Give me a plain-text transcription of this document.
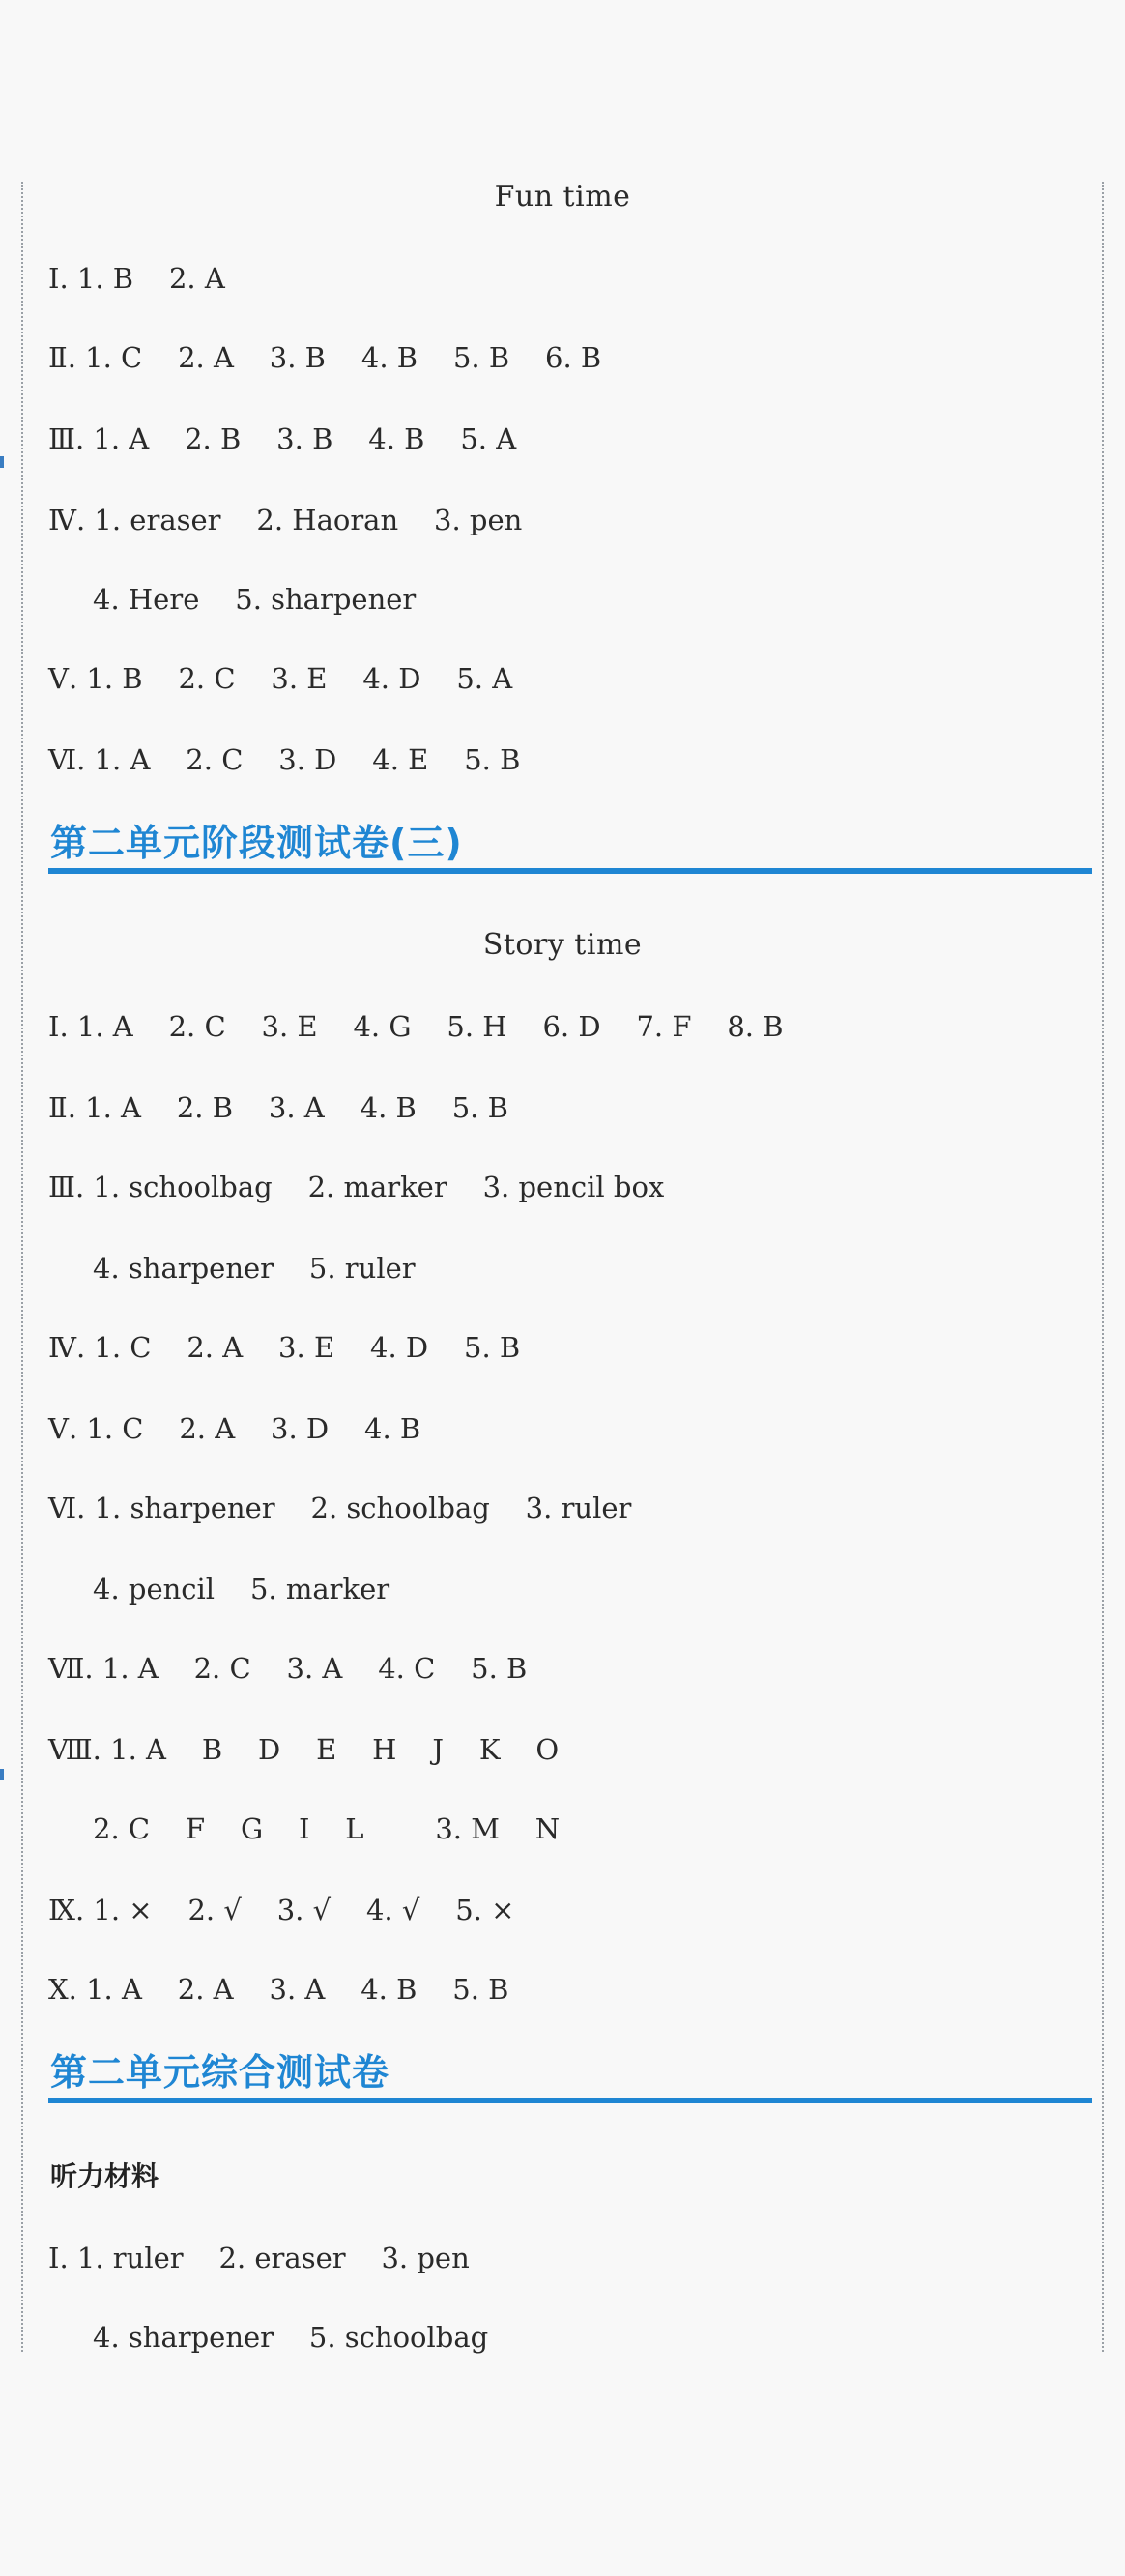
Fun time
Ⅰ. 1. B    2. A
Ⅱ. 1. C    2. A    3. B    4. B    5. B    6. B
Ⅲ. 1. A    2. B    3. B    4. B    5. A
Ⅳ. 1. eraser    2. Haoran    3. pen
4. Here    5. sharpener
Ⅴ. 1. B    2. C    3. E    4. D    5. A
Ⅵ. 1. A    2. C    3. D    4. E    5. B
第二单元阶段测试卷(三)
Story time
Ⅰ. 1. A    2. C    3. E    4. G    5. H    6. D    7. F    8. B
Ⅱ. 1. A    2. B    3. A    4. B    5. B
Ⅲ. 1. schoolbag    2. marker    3. pencil box
4. sharpener    5. ruler
Ⅳ. 1. C    2. A    3. E    4. D    5. B
Ⅴ. 1. C    2. A    3. D    4. B
Ⅵ. 1. sharpener    2. schoolbag    3. ruler
4. pencil    5. marker
Ⅶ. 1. A    2. C    3. A    4. C    5. B
Ⅷ. 1. A    B    D    E    H    J    K    O
2. C    F    G    I    L        3. M    N
Ⅸ. 1. ×    2. √    3. √    4. √    5. ×
Ⅹ. 1. A    2. A    3. A    4. B    5. B
第二单元综合测试卷
听力材料
Ⅰ. 1. ruler    2. eraser    3. pen
4. sharpener    5. schoolbag
